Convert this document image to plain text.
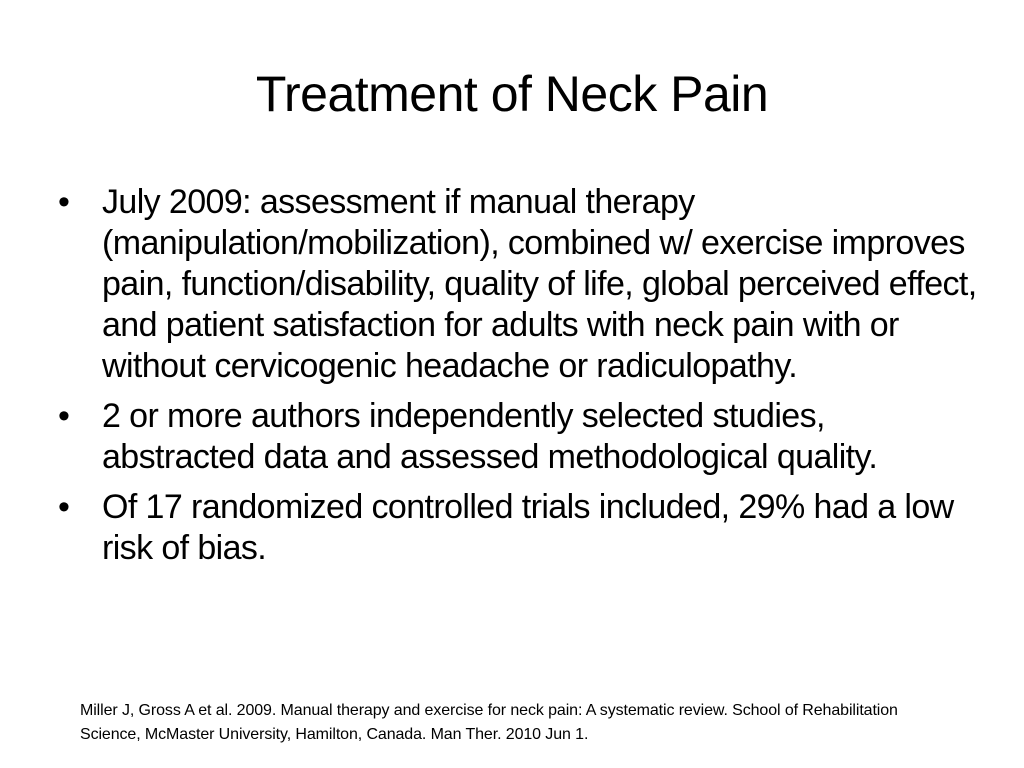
Treatment of Neck Pain
• July 2009: assessment if manual therapy (manipulation/mobilization), combined w/ exercise improves pain, function/disability, quality of life, global perceived effect, and patient satisfaction for adults with neck pain with or without cervicogenic headache or radiculopathy.
• 2 or more authors independently selected studies, abstracted data and assessed methodological quality.
• Of 17 randomized controlled trials included, 29% had a low risk of bias.
Miller J, Gross A et al. 2009. Manual therapy and exercise for neck pain: A systematic review. School of Rehabilitation Science, McMaster University, Hamilton, Canada. Man Ther. 2010 Jun 1.
